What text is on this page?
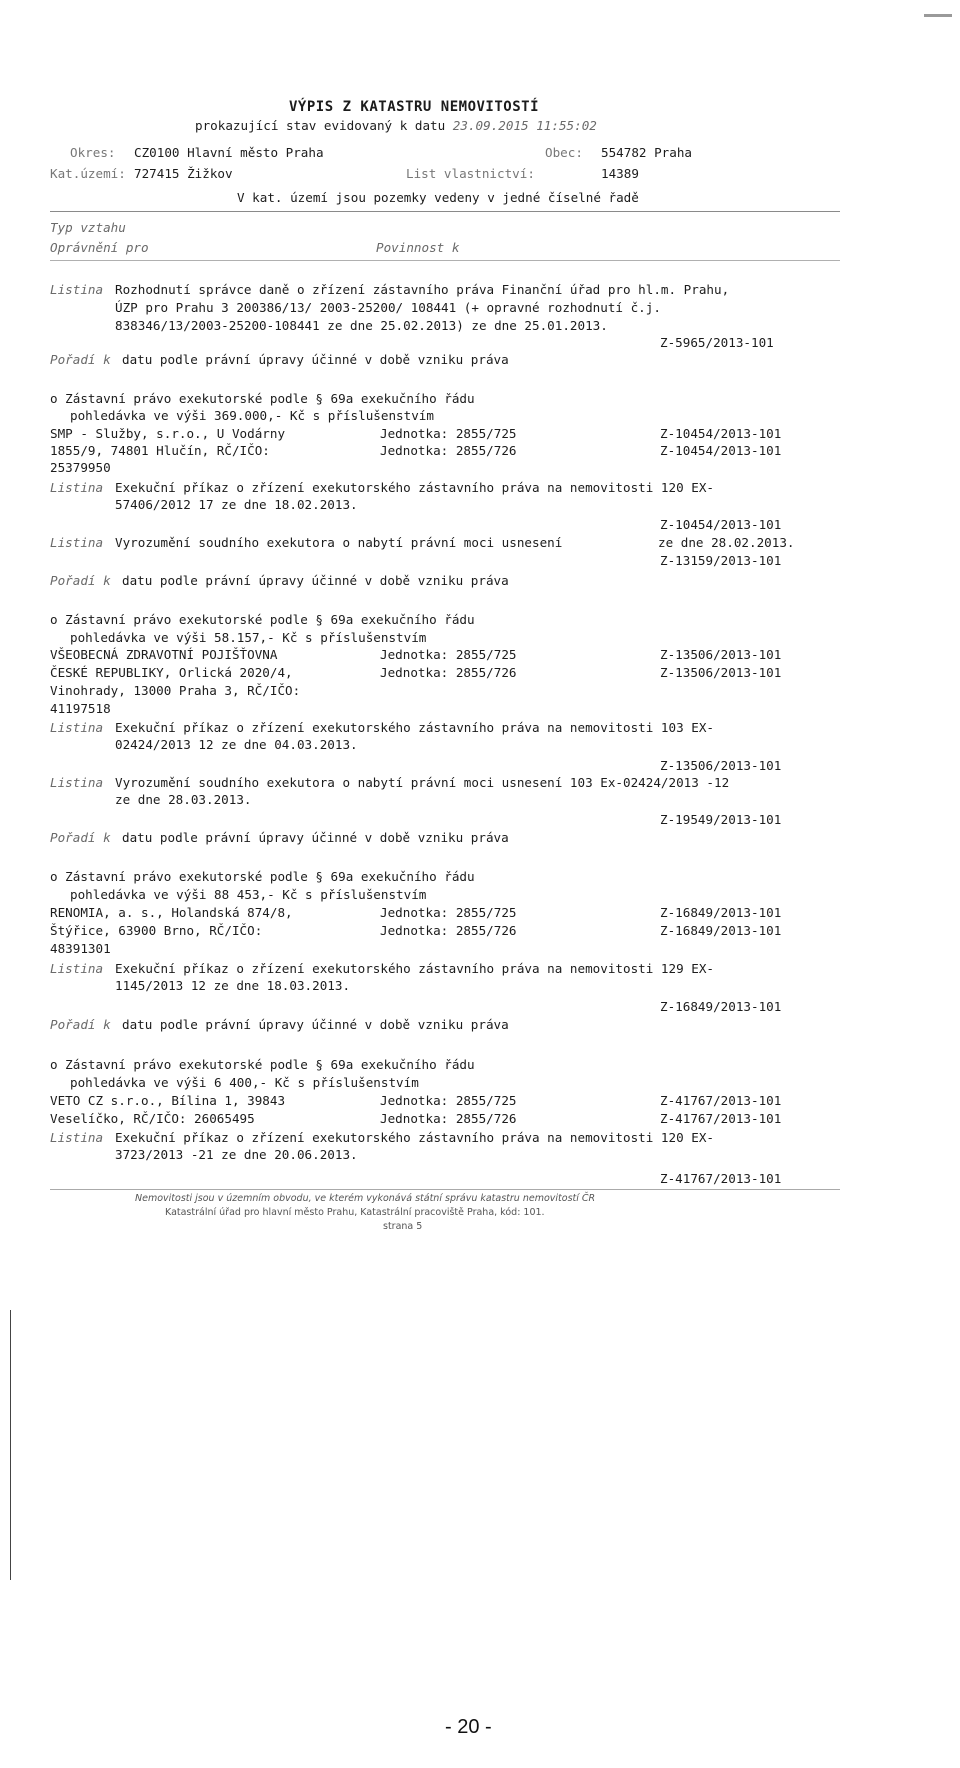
VÝPIS Z KATASTRU NEMOVITOSTÍ
prokazující stav evidovaný k datu 23.09.2015 11:55:02
Okres: CZ0100 Hlavní město Praha	Obec: 554782 Praha
Kat.území: 727415 Žižkov	List vlastnictví:	14389
V kat. území jsou pozemky vedeny v jedné číselné řadě
Typ vztahu
Oprávnění pro	Povinnost k
Listina Rozhodnutí správce daně o zřízení zástavního práva Finanční úřad pro hl.m. Prahu,
ÚZP pro Prahu 3 200386/13/ 2003-25200/ 108441 (+ opravné rozhodnutí č.j.
838346/13/2003-25200-108441 ze dne 25.02.2013) ze dne 25.01.2013.
Z-5965/2013-101
Pořadí k datu podle právní úpravy účinné v době vzniku práva
o Zástavní právo exekutorské podle § 69a exekučního řádu
pohledávka ve výši 369.000,- Kč s příslušenstvím
SMP - Služby, s.r.o., U Vodárny	Jednotka: 2855/725	Z-10454/2013-101
1855/9, 74801 Hlučín, RČ/IČO:	Jednotka: 2855/726	Z-10454/2013-101
25379950
Listina Exekuční příkaz o zřízení exekutorského zástavního práva na nemovitosti 120 EX-
57406/2012 17 ze dne 18.02.2013.
Z-10454/2013-101
Listina Vyrozumění soudního exekutora o nabytí právní moci usnesení	ze dne 28.02.2013.
Z-13159/2013-101
Pořadí k datu podle právní úpravy účinné v době vzniku práva
o Zástavní právo exekutorské podle § 69a exekučního řádu
pohledávka ve výši 58.157,- Kč s příslušenstvím
VŠEOBECNÁ ZDRAVOTNÍ POJIŠŤOVNA	Jednotka: 2855/725	Z-13506/2013-101
ČESKÉ REPUBLIKY, Orlická 2020/4,	Jednotka: 2855/726	Z-13506/2013-101
Vinohrady, 13000 Praha 3, RČ/IČO:
41197518
Listina Exekuční příkaz o zřízení exekutorského zástavního práva na nemovitosti 103 EX-
02424/2013 12 ze dne 04.03.2013.
Z-13506/2013-101
Listina Vyrozumění soudního exekutora o nabytí právní moci usnesení 103 Ex-02424/2013 -12
ze dne 28.03.2013.
Z-19549/2013-101
Pořadí k datu podle právní úpravy účinné v době vzniku práva
o Zástavní právo exekutorské podle § 69a exekučního řádu
pohledávka ve výši 88 453,- Kč s příslušenstvím
RENOMIA, a. s., Holandská 874/8,	Jednotka: 2855/725	Z-16849/2013-101
Štýřice, 63900 Brno, RČ/IČO:	Jednotka: 2855/726	Z-16849/2013-101
48391301
Listina Exekuční příkaz o zřízení exekutorského zástavního práva na nemovitosti 129 EX-
1145/2013 12 ze dne 18.03.2013.
Z-16849/2013-101
Pořadí k datu podle právní úpravy účinné v době vzniku práva
o Zástavní právo exekutorské podle § 69a exekučního řádu
pohledávka ve výši 6 400,- Kč s příslušenstvím
VETO CZ s.r.o., Bílina 1, 39843	Jednotka: 2855/725	Z-41767/2013-101
Veselíčko, RČ/IČO: 26065495	Jednotka: 2855/726	Z-41767/2013-101
Listina Exekuční příkaz o zřízení exekutorského zástavního práva na nemovitosti 120 EX-
3723/2013 -21 ze dne 20.06.2013.
Z-41767/2013-101
Nemovitosti jsou v územním obvodu, ve kterém vykonává státní správu katastru nemovitostí ČR
Katastrální úřad pro hlavní město Prahu, Katastrální pracoviště Praha, kód: 101.
strana 5
- 20 -
